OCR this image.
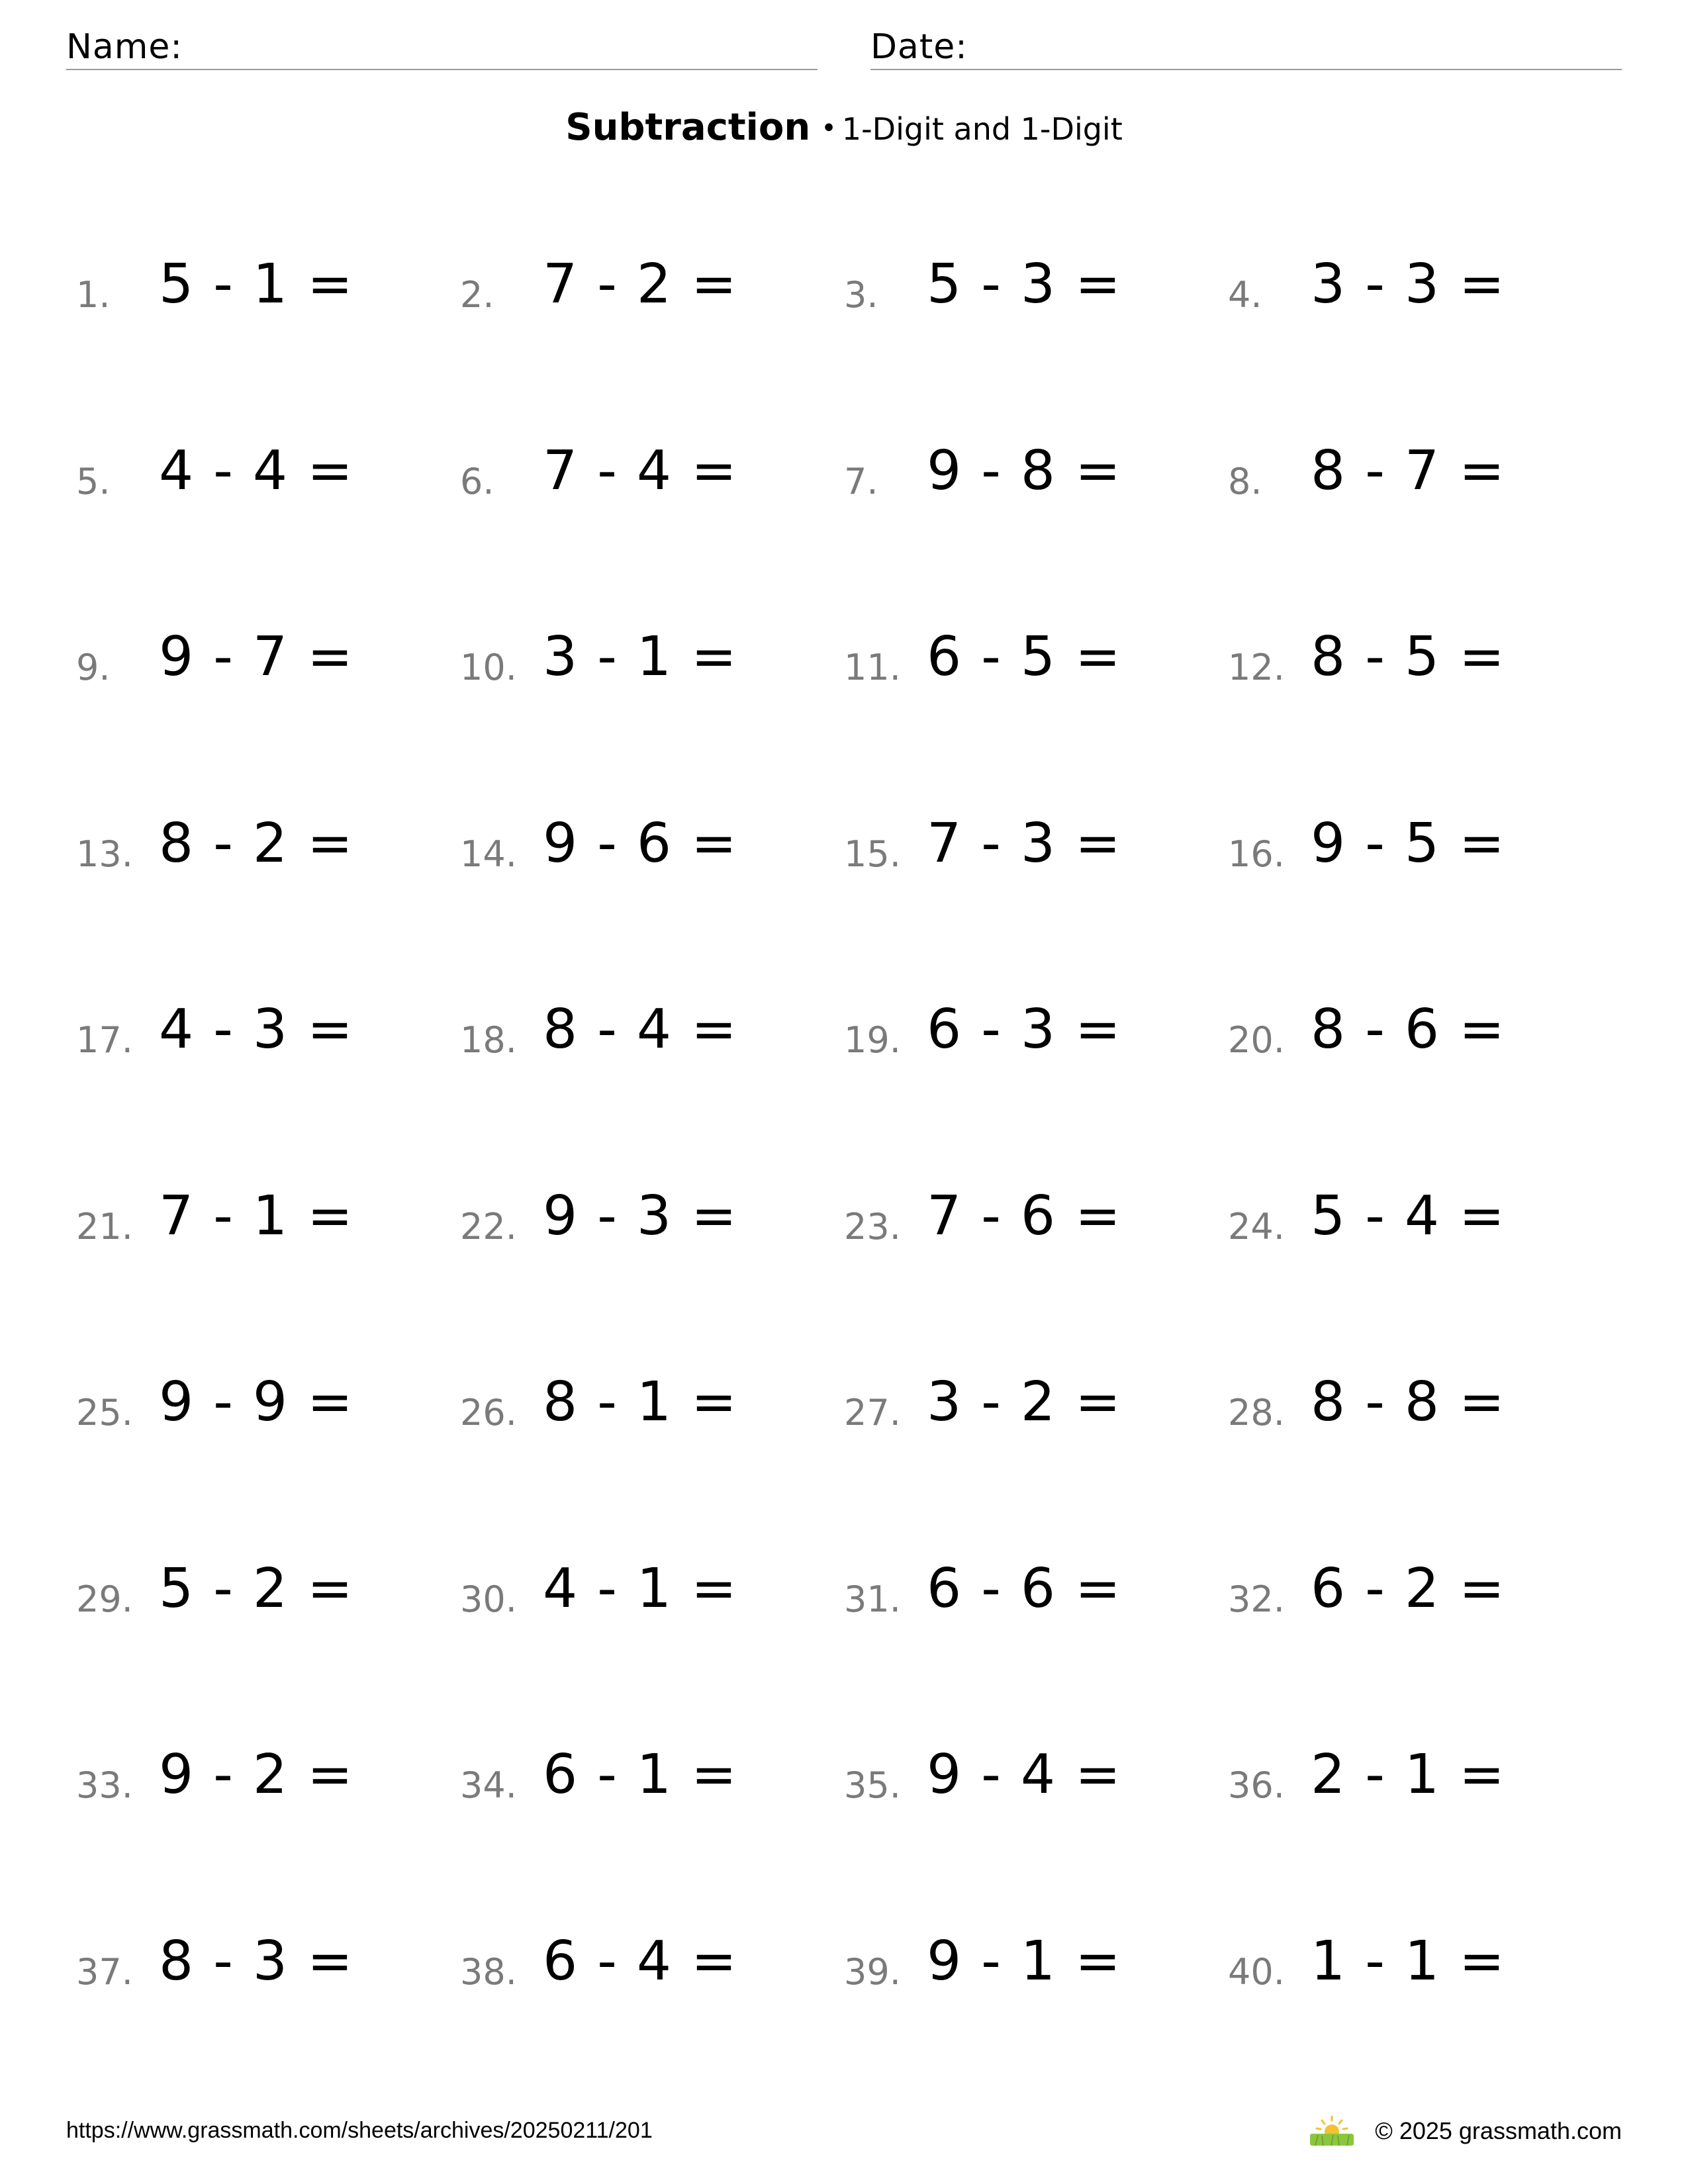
Name:	Date:
Subtraction • 1-Digit and 1-Digit
1. 5 - 1 =	2. 7 - 2 =	3. 5 - 3 =	4. 3 - 3 =
5. 4 - 4 =	6. 7 - 4 =	7. 9 - 8 =	8. 8 - 7 =
9. 9 - 7 =	10. 3 - 1 =	11. 6 - 5 =	12. 8 - 5 =
13. 8 - 2 =	14. 9 - 6 =	15. 7 - 3 =	16. 9 - 5 =
17. 4 - 3 =	18. 8 - 4 =	19. 6 - 3 =	20. 8 - 6 =
21. 7 - 1 =	22. 9 - 3 =	23. 7 - 6 =	24. 5 - 4 =
25. 9 - 9 =	26. 8 - 1 =	27. 3 - 2 =	28. 8 - 8 =
29. 5 - 2 =	30. 4 - 1 =	31. 6 - 6 =	32. 6 - 2 =
33. 9 - 2 =	34. 6 - 1 =	35. 9 - 4 =	36. 2 - 1 =
37. 8 - 3 =	38. 6 - 4 =	39. 9 - 1 =	40. 1 - 1 =
https://www.grassmath.com/sheets/archives/20250211/201	© 2025 grassmath.com
